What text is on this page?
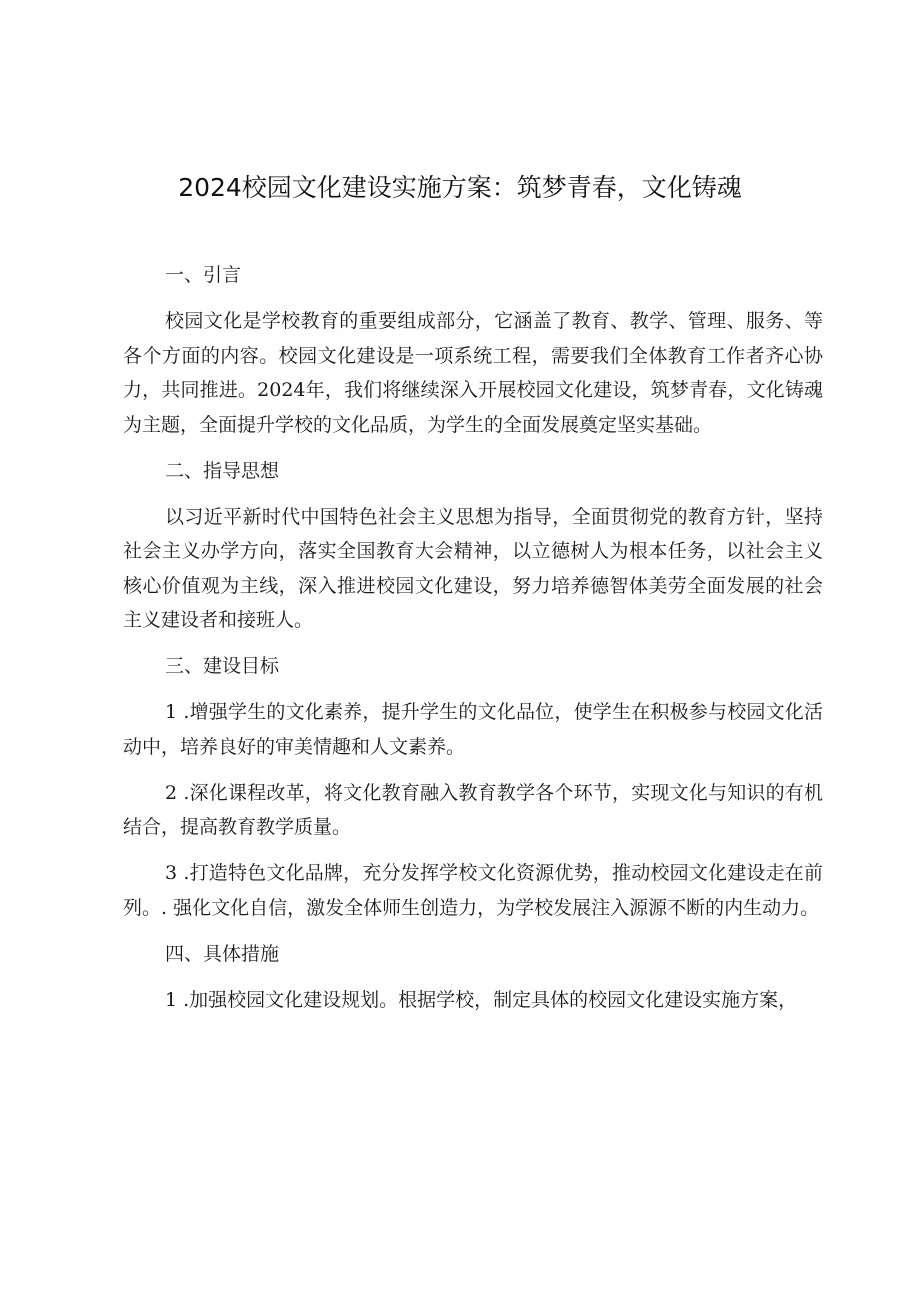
2024校园文化建设实施方案：筑梦青春，文化铸魂
一、引言

校园文化是学校教育的重要组成部分，它涵盖了教育、教学、管理、服务、等各个方面的内容。校园文化建设是一项系统工程，需要我们全体教育工作者齐心协力，共同推进。2024年，我们将继续深入开展校园文化建设，筑梦青春，文化铸魂为主题，全面提升学校的文化品质，为学生的全面发展奠定坚实基础。

二、指导思想

以习近平新时代中国特色社会主义思想为指导，全面贯彻党的教育方针，坚持社会主义办学方向，落实全国教育大会精神，以立德树人为根本任务，以社会主义核心价值观为主线，深入推进校园文化建设，努力培养德智体美劳全面发展的社会主义建设者和接班人。

三、建设目标

1 .增强学生的文化素养，提升学生的文化品位，使学生在积极参与校园文化活动中，培养良好的审美情趣和人文素养。

2 .深化课程改革，将文化教育融入教育教学各个环节，实现文化与知识的有机结合，提高教育教学质量。

3 .打造特色文化品牌，充分发挥学校文化资源优势，推动校园文化建设走在前列。. 强化文化自信，激发全体师生创造力，为学校发展注入源源不断的内生动力。

四、具体措施

1 .加强校园文化建设规划。根据学校，制定具体的校园文化建设实施方案，
